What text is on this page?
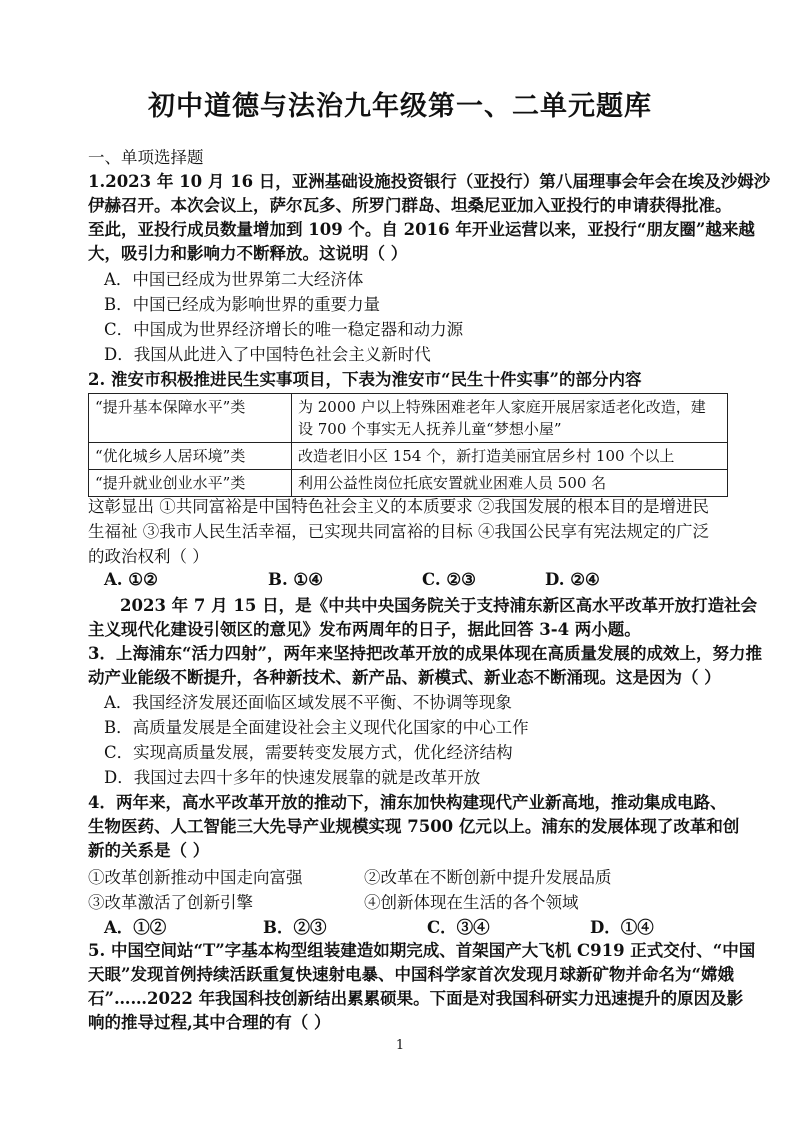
初中道德与法治九年级第一、二单元题库
一、单项选择题
1.2023 年 10 月 16 日，亚洲基础设施投资银行（亚投行）第八届理事会年会在埃及沙姆沙
伊赫召开。本次会议上，萨尔瓦多、所罗门群岛、坦桑尼亚加入亚投行的申请获得批准。
至此，亚投行成员数量增加到 109 个。自 2016 年开业运营以来，亚投行“朋友圈”越来越
大，吸引力和影响力不断释放。这说明（ ）
A．中国已经成为世界第二大经济体
B．中国已经成为影响世界的重要力量
C．中国成为世界经济增长的唯一稳定器和动力源
D．我国从此进入了中国特色社会主义新时代
2. 淮安市积极推进民生实事项目，下表为淮安市“民生十件实事”的部分内容
“提升基本保障水平”类	为 2000 户以上特殊困难老年人家庭开展居家适老化改造，建
设 700 个事实无人抚养儿童“梦想小屋”

“优化城乡人居环境”类	改造老旧小区 154 个，新打造美丽宜居乡村 100 个以上
“提升就业创业水平”类	利用公益性岗位托底安置就业困难人员 500 名
这彰显出 ①共同富裕是中国特色社会主义的本质要求 ②我国发展的根本目的是增进民
生福祉 ③我市人民生活幸福，已实现共同富裕的目标 ④我国公民享有宪法规定的广泛
的政治权利（ ）
A. ①②	B. ①④	C. ②③	D. ②④
2023 年 7 月 15 日，是《中共中央国务院关于支持浦东新区高水平改革开放打造社会
主义现代化建设引领区的意见》发布两周年的日子，据此回答 3-4 两小题。
3．上海浦东“活力四射”，两年来坚持把改革开放的成果体现在高质量发展的成效上，努力推
动产业能级不断提升，各种新技术、新产品、新模式、新业态不断涌现。这是因为（ ）
A．我国经济发展还面临区域发展不平衡、不协调等现象
B．高质量发展是全面建设社会主义现代化国家的中心工作
C．实现高质量发展，需要转变发展方式，优化经济结构
D．我国过去四十多年的快速发展靠的就是改革开放
4．两年来，高水平改革开放的推动下，浦东加快构建现代产业新高地，推动集成电路、
生物医药、人工智能三大先导产业规模实现 7500 亿元以上。浦东的发展体现了改革和创
新的关系是（ ）
①改革创新推动中国走向富强	②改革在不断创新中提升发展品质
③改革激活了创新引擎	④创新体现在生活的各个领域
A．①②	B．②③	C．③④	D．①④
5. 中国空间站“T”字基本构型组装建造如期完成、首架国产大飞机 C919 正式交付、“中国
天眼”发现首例持续活跃重复快速射电暴、中国科学家首次发现月球新矿物并命名为“嫦娥
石”……2022 年我国科技创新结出累累硕果。下面是对我国科研实力迅速提升的原因及影
响的推导过程,其中合理的有（ ）
1
